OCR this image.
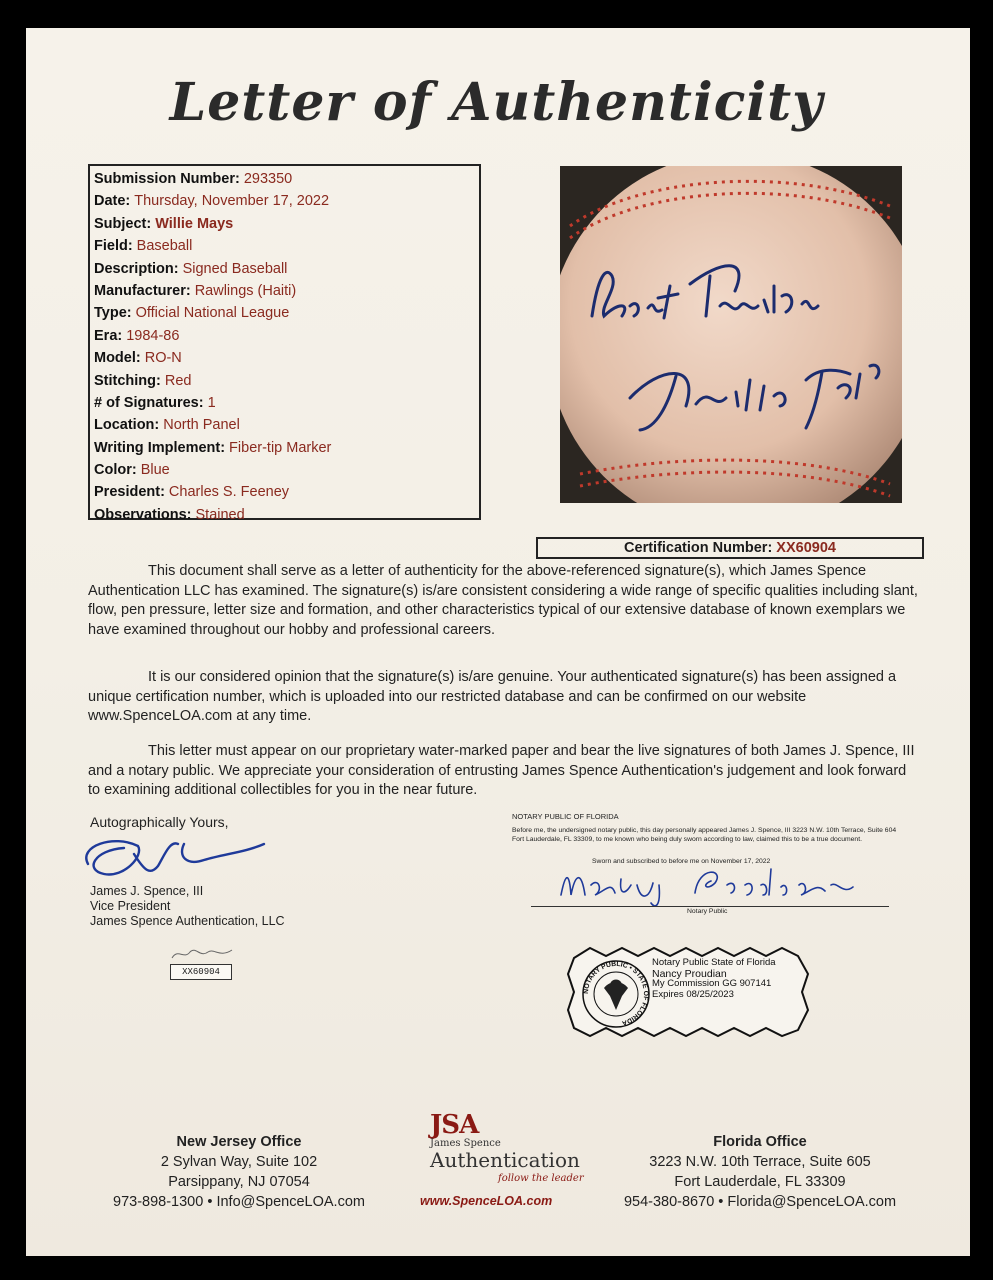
Letter of Authenticity
Submission Number: 293350
Date: Thursday, November 17, 2022
Subject: Willie Mays
Field: Baseball
Description: Signed Baseball
Manufacturer: Rawlings (Haiti)
Type: Official National League
Era: 1984-86
Model: RO-N
Stitching: Red
# of Signatures: 1
Location: North Panel
Writing Implement: Fiber-tip Marker
Color: Blue
President: Charles S. Feeney
Observations: Stained
Certification Number: XX60904
This document shall serve as a letter of authenticity for the above-referenced signature(s), which James Spence Authentication LLC has examined. The signature(s) is/are consistent considering a wide range of specific qualities including slant, flow, pen pressure, letter size and formation, and other characteristics typical of our extensive database of known exemplars we have examined throughout our hobby and professional careers.
It is our considered opinion that the signature(s) is/are genuine. Your authenticated signature(s) has been assigned a unique certification number, which is uploaded into our restricted database and can be confirmed on our website www.SpenceLOA.com at any time.
This letter must appear on our proprietary water-marked paper and bear the live signatures of both James J. Spence, III and a notary public. We appreciate your consideration of entrusting James Spence Authentication's judgement and look forward to examining additional collectibles for you in the near future.
Autographically Yours,
James J. Spence, III
Vice President
James Spence Authentication, LLC
XX60904
NOTARY PUBLIC OF FLORIDA
Before me, the undersigned notary public, this day personally appeared James J. Spence, III 3223 N.W. 10th Terrace, Suite 604 Fort Lauderdale, FL 33309, to me known who being duly sworn according to law, claimed this to be a true document.
Sworn and subscribed to before me on November 17, 2022
Notary Public
NOTARY PUBLIC • STATE OF FLORIDA
Notary Public State of Florida
Nancy Proudian
My Commission GG 907141
Expires 08/25/2023
New Jersey Office
2 Sylvan Way, Suite 102
Parsippany, NJ 07054
973-898-1300 • Info@SpenceLOA.com
JSA
James Spence
Authentication
follow the leader
www.SpenceLOA.com
Florida Office
3223 N.W. 10th Terrace, Suite 605
Fort Lauderdale, FL 33309
954-380-8670 • Florida@SpenceLOA.com
